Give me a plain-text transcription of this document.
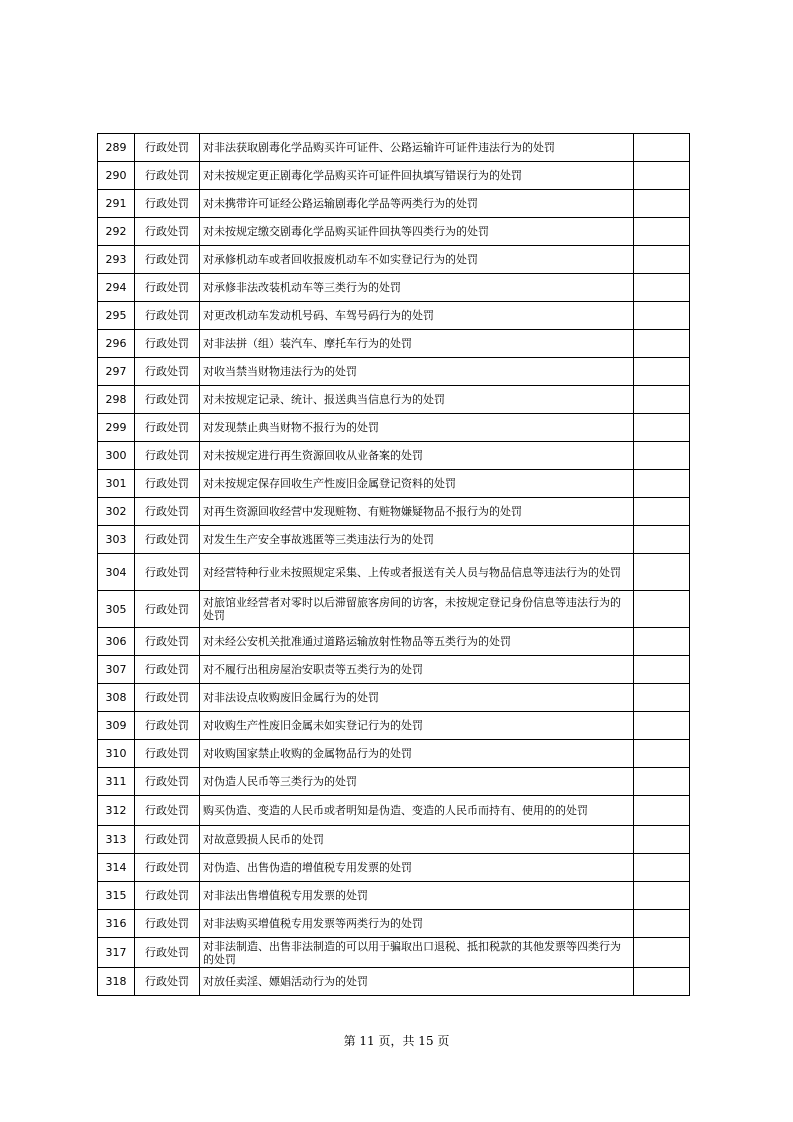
289	行政处罚	对非法获取剧毒化学品购买许可证件、公路运输许可证件违法行为的处罚	
290	行政处罚	对未按规定更正剧毒化学品购买许可证件回执填写错误行为的处罚	
291	行政处罚	对未携带许可证经公路运输剧毒化学品等两类行为的处罚	
292	行政处罚	对未按规定缴交剧毒化学品购买证件回执等四类行为的处罚	
293	行政处罚	对承修机动车或者回收报废机动车不如实登记行为的处罚	
294	行政处罚	对承修非法改装机动车等三类行为的处罚	
295	行政处罚	对更改机动车发动机号码、车驾号码行为的处罚	
296	行政处罚	对非法拼（组）装汽车、摩托车行为的处罚	
297	行政处罚	对收当禁当财物违法行为的处罚	
298	行政处罚	对未按规定记录、统计、报送典当信息行为的处罚	
299	行政处罚	对发现禁止典当财物不报行为的处罚	
300	行政处罚	对未按规定进行再生资源回收从业备案的处罚	
301	行政处罚	对未按规定保存回收生产性废旧金属登记资料的处罚	
302	行政处罚	对再生资源回收经营中发现赃物、有赃物嫌疑物品不报行为的处罚	
303	行政处罚	对发生生产安全事故逃匿等三类违法行为的处罚	
304	行政处罚	对经营特种行业未按照规定采集、上传或者报送有关人员与物品信息等违法行为的处罚	
305	行政处罚	对旅馆业经营者对零时以后滞留旅客房间的访客，未按规定登记身份信息等违法行为的处罚	
306	行政处罚	对未经公安机关批准通过道路运输放射性物品等五类行为的处罚	
307	行政处罚	对不履行出租房屋治安职责等五类行为的处罚	
308	行政处罚	对非法设点收购废旧金属行为的处罚	
309	行政处罚	对收购生产性废旧金属未如实登记行为的处罚	
310	行政处罚	对收购国家禁止收购的金属物品行为的处罚	
311	行政处罚	对伪造人民币等三类行为的处罚	
312	行政处罚	购买伪造、变造的人民币或者明知是伪造、变造的人民币而持有、使用的的处罚	
313	行政处罚	对故意毁损人民币的处罚	
314	行政处罚	对伪造、出售伪造的增值税专用发票的处罚	
315	行政处罚	对非法出售增值税专用发票的处罚	
316	行政处罚	对非法购买增值税专用发票等两类行为的处罚	
317	行政处罚	对非法制造、出售非法制造的可以用于骗取出口退税、抵扣税款的其他发票等四类行为的处罚	
318	行政处罚	对放任卖淫、嫖娼活动行为的处罚	
第 11 页，共 15 页
